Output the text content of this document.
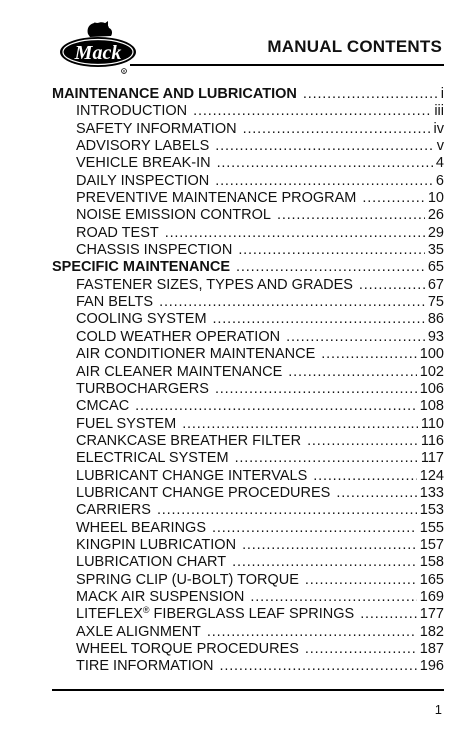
Mack
R
MANUAL CONTENTS
MAINTENANCE AND LUBRICATION . . .	i
INTRODUCTION . . .	iii
SAFETY INFORMATION . . .	iv
ADVISORY LABELS . . .	v
VEHICLE BREAK-IN . . .	4
DAILY INSPECTION . . .	6
PREVENTIVE MAINTENANCE PROGRAM . . .	10
NOISE EMISSION CONTROL . . .	26
ROAD TEST . . .	29
CHASSIS INSPECTION . . .	35
SPECIFIC MAINTENANCE . . .	65
FASTENER SIZES, TYPES AND GRADES . . .	67
FAN BELTS . . .	75
COOLING SYSTEM . . .	86
COLD WEATHER OPERATION . . .	93
AIR CONDITIONER MAINTENANCE . . .	100
AIR CLEANER MAINTENANCE . . .	102
TURBOCHARGERS . . .	106
CMCAC . . .	108
FUEL SYSTEM . . .	110
CRANKCASE BREATHER FILTER . . .	116
ELECTRICAL SYSTEM . . .	117
LUBRICANT CHANGE INTERVALS . . .	124
LUBRICANT CHANGE PROCEDURES . . .	133
CARRIERS . . .	153
WHEEL BEARINGS . . .	155
KINGPIN LUBRICATION . . .	157
LUBRICATION CHART . . .	158
SPRING CLIP (U-BOLT) TORQUE . . .	165
MACK AIR SUSPENSION . . .	169
LITEFLEX® FIBERGLASS LEAF SPRINGS . . .	177
AXLE ALIGNMENT . . .	182
WHEEL TORQUE PROCEDURES . . .	187
TIRE INFORMATION . . .	196
1
